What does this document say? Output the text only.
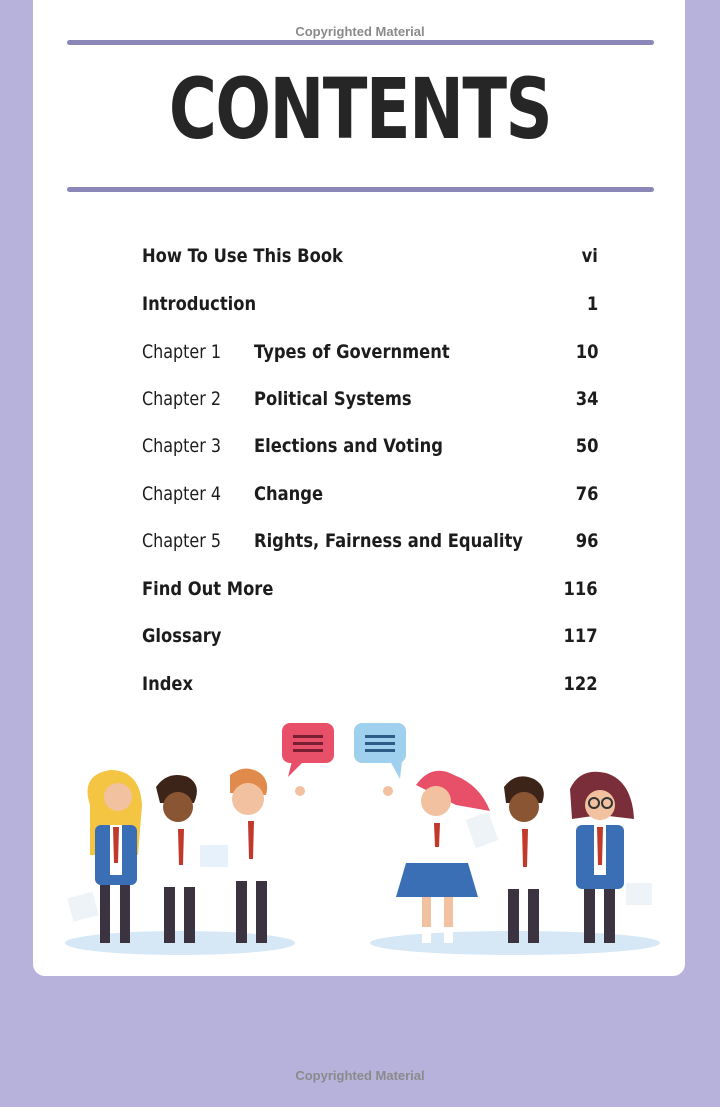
Copyrighted Material
CONTENTS
How To Use This Book	vi
Introduction	1
Chapter 1 Types of Government	10
Chapter 2 Political Systems	34
Chapter 3 Elections and Voting	50
Chapter 4 Change	76
Chapter 5 Rights, Fairness and Equality	96
Find Out More	116
Glossary	117
Index	122
Copyrighted Material
